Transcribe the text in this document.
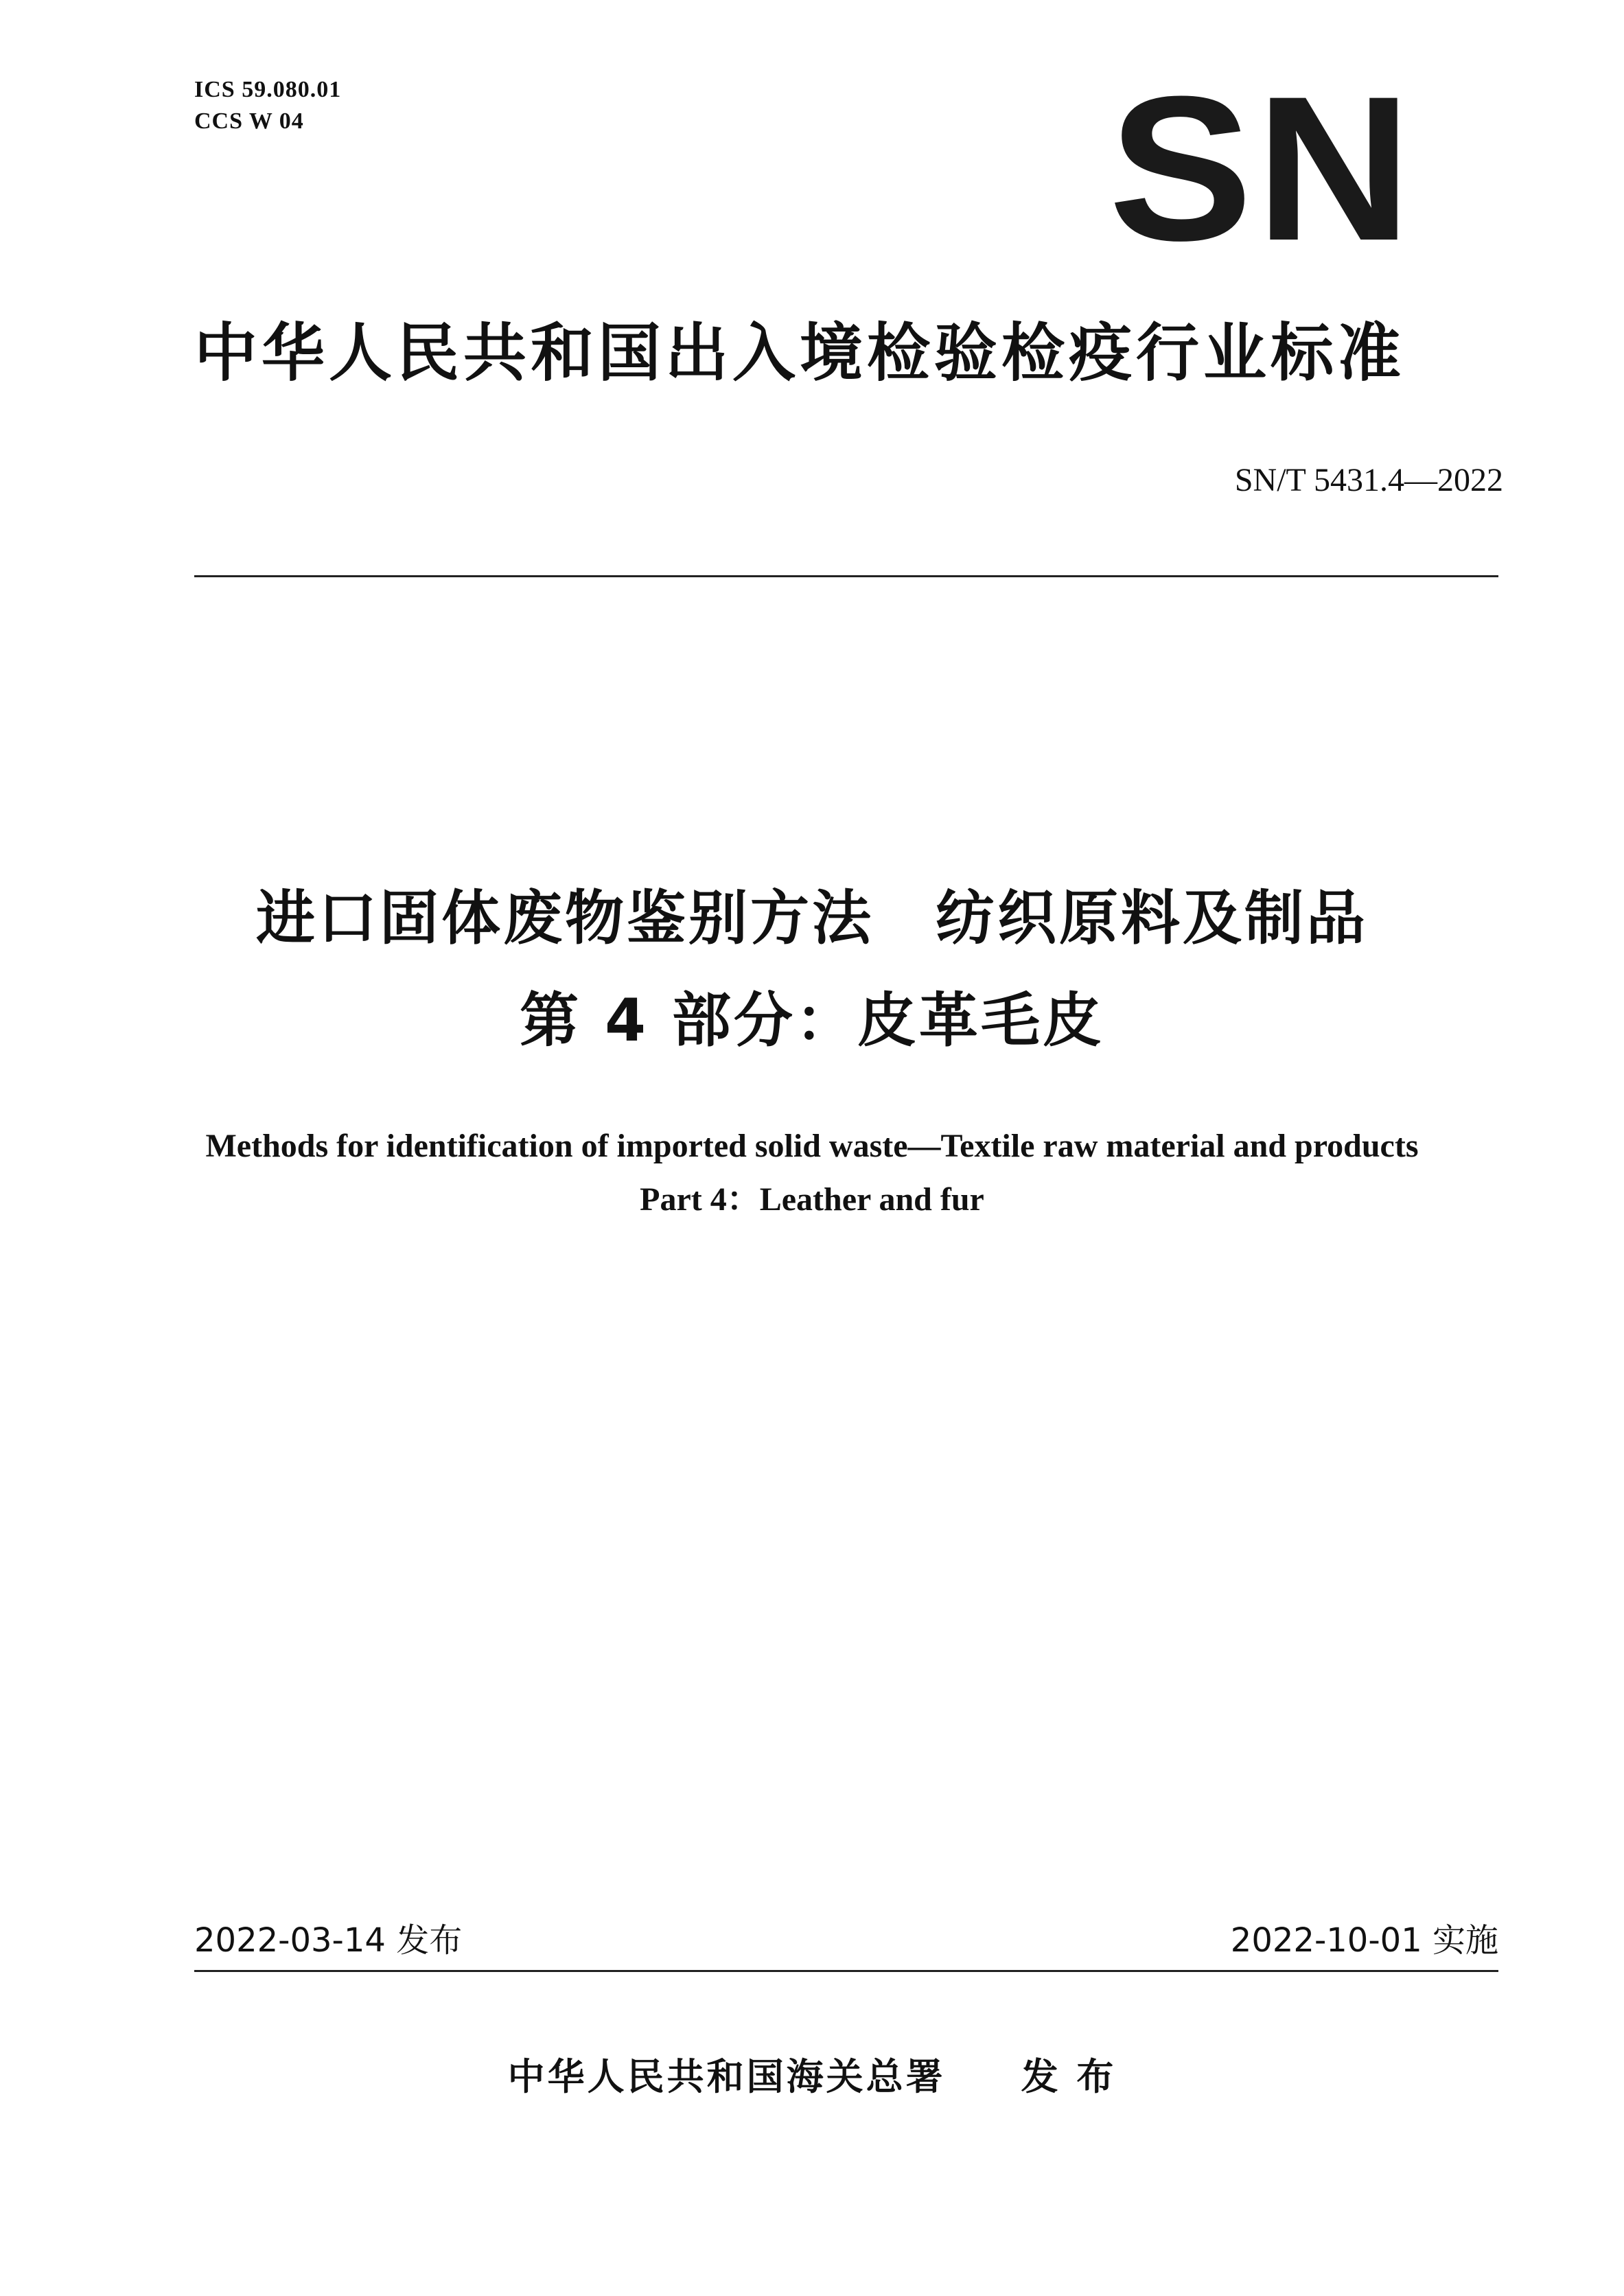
ICS 59.080.01
CCS W 04	SN
中华人民共和国出入境检验检疫行业标准
SN/T 5431.4—2022
进口固体废物鉴别方法　纺织原料及制品
第 4 部分：皮革毛皮
Methods for identification of imported solid waste—Textile raw material and products
Part 4：Leather and fur
2022-03-14 发布	2022-10-01 实施
中华人民共和国海关总署 发 布
